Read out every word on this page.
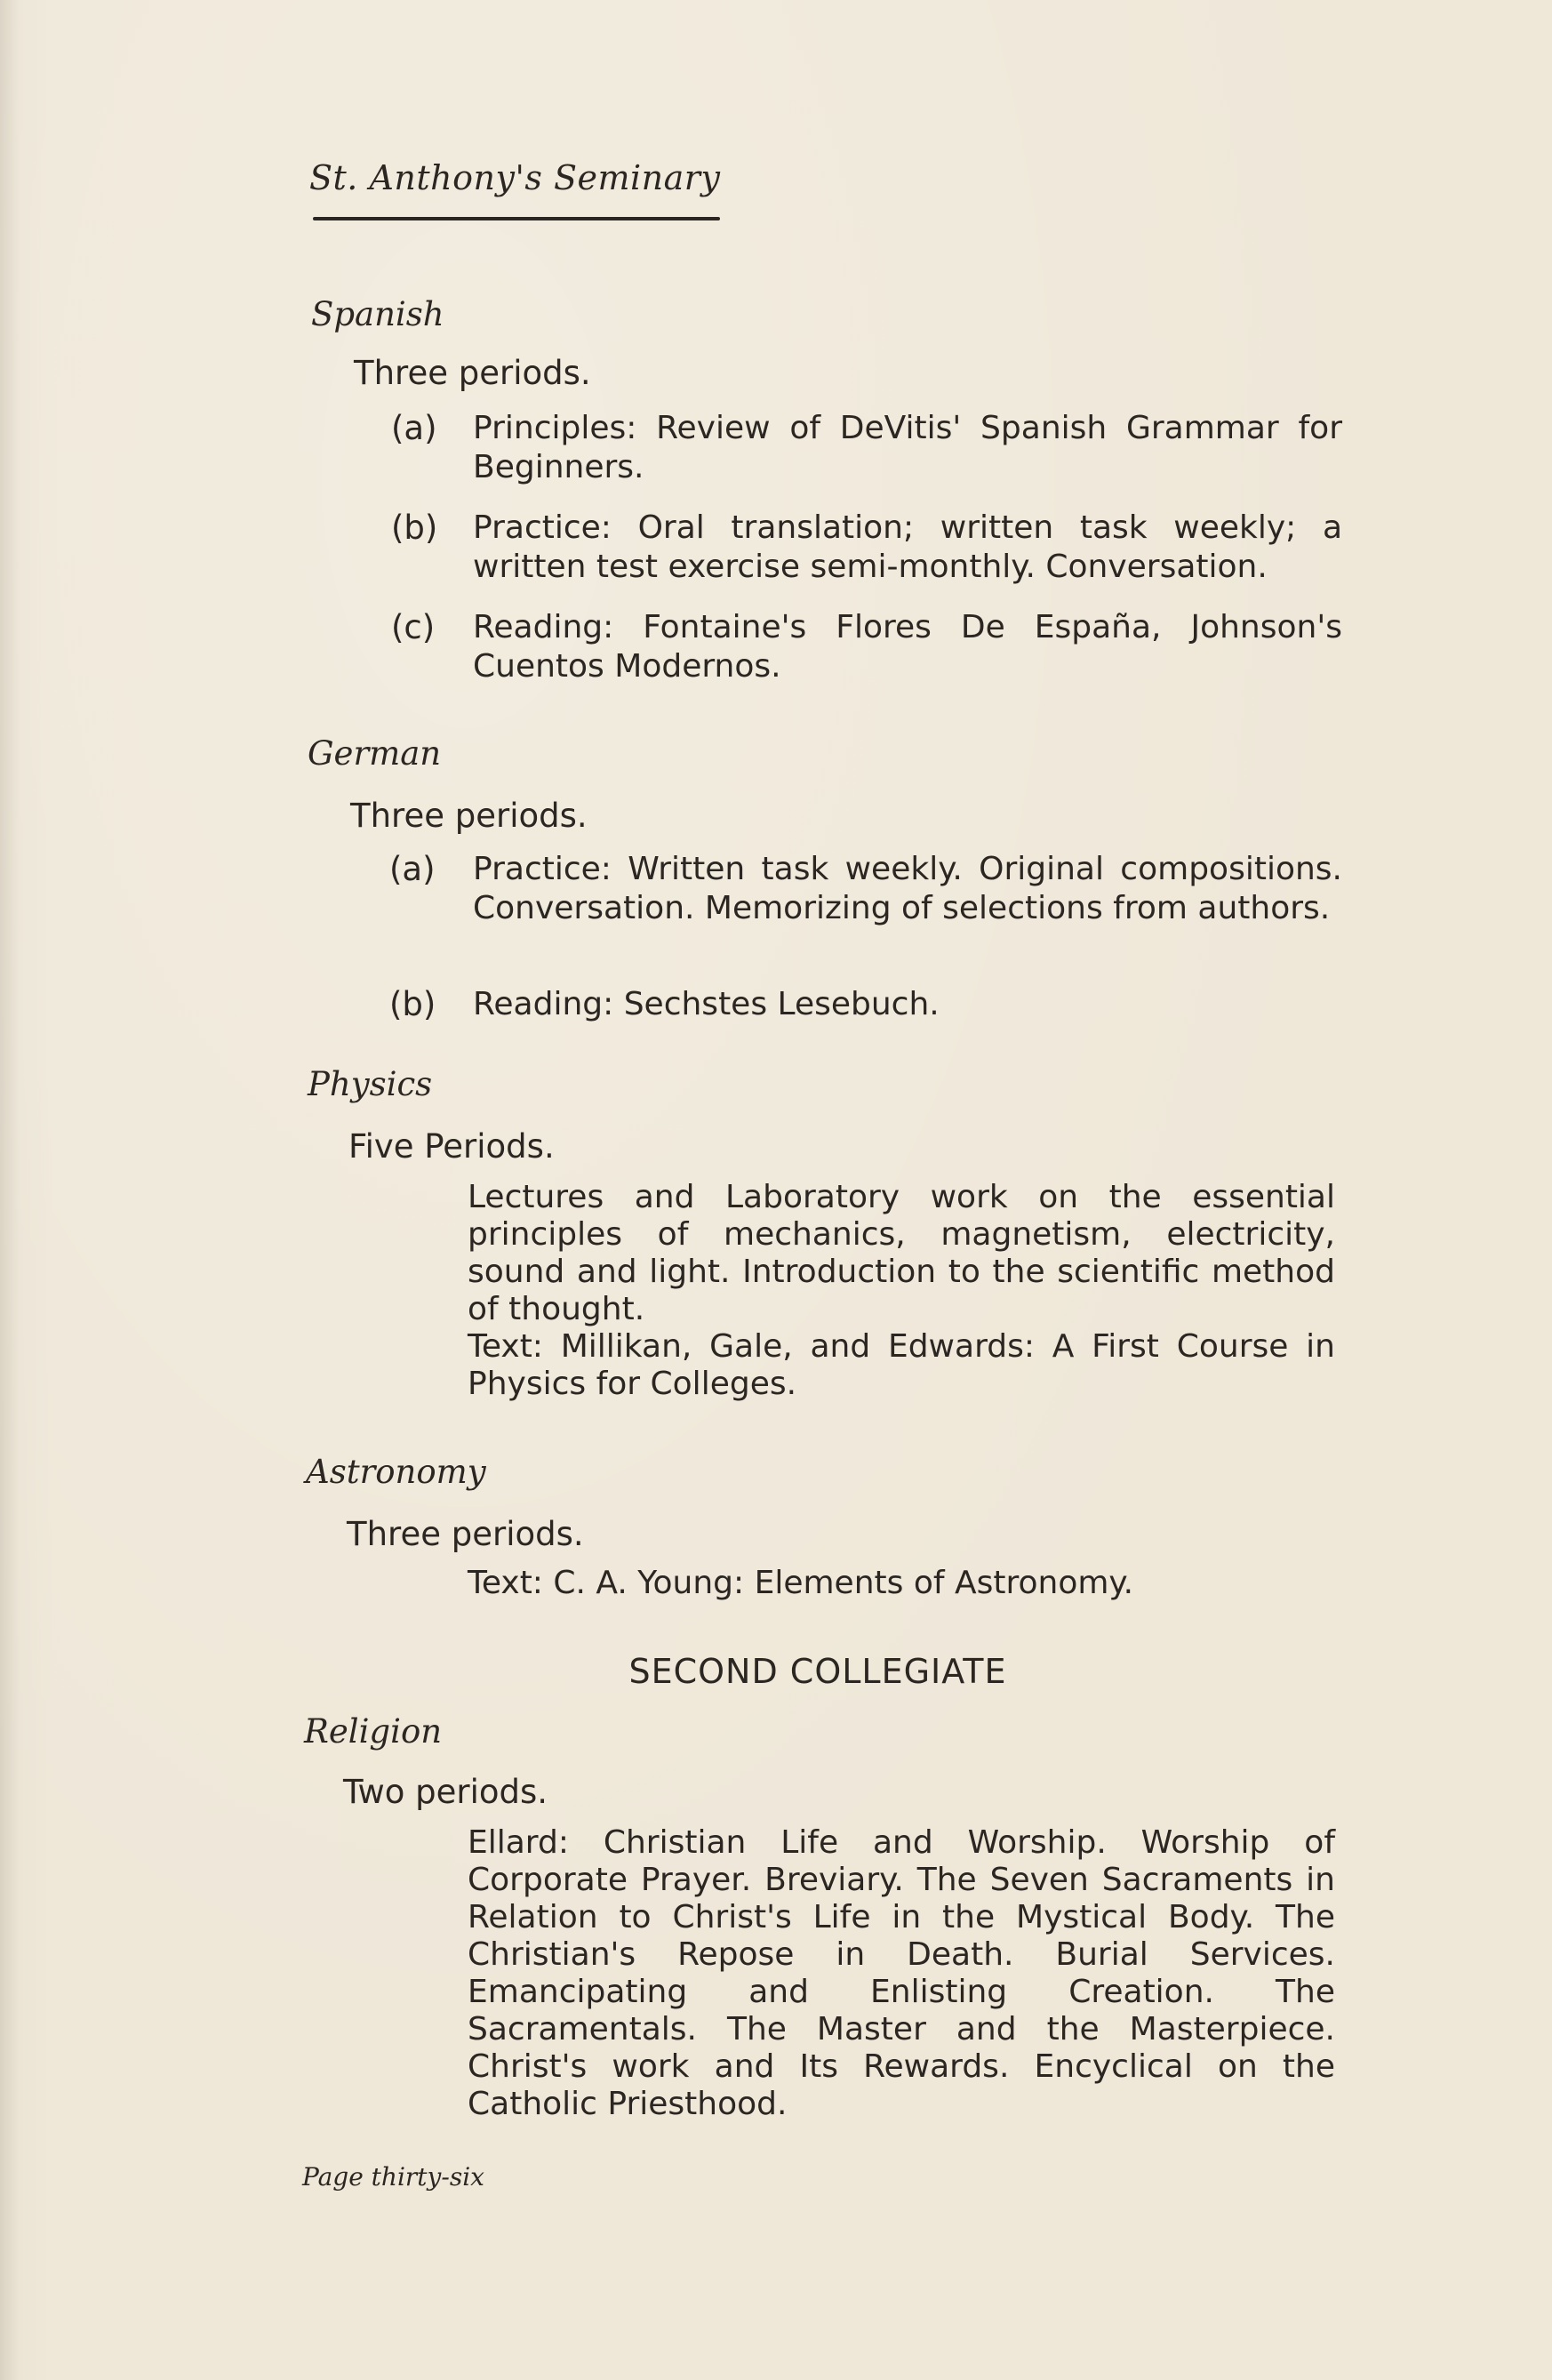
St. Anthony's Seminary
Spanish
Three periods.
(a) Principles: Review of DeVitis' Spanish Grammar for Beginners.
(b) Practice: Oral translation; written task weekly; a written test exercise semi-monthly. Conversation.
(c) Reading: Fontaine's Flores De España, Johnson's Cuentos Modernos.
German
Three periods.
(a) Practice: Written task weekly. Original compositions. Conversation. Memorizing of selections from authors.
(b) Reading: Sechstes Lesebuch.
Physics
Five Periods.

Lectures and Laboratory work on the essential principles of mechanics, magnetism, electricity, sound and light. Introduction to the scientific method of thought.

Text: Millikan, Gale, and Edwards: A First Course in Physics for Colleges.

Astronomy
Three periods.

Text: C. A. Young: Elements of Astronomy.

SECOND COLLEGIATE
Religion
Two periods.

Ellard: Christian Life and Worship. Worship of Corporate Prayer. Breviary. The Seven Sacraments in Relation to Christ's Life in the Mystical Body. The Christian's Repose in Death. Burial Services. Emancipating and Enlisting Creation. The Sacramentals. The Master and the Masterpiece. Christ's work and Its Rewards. Encyclical on the Catholic Priesthood.

Page thirty-six
